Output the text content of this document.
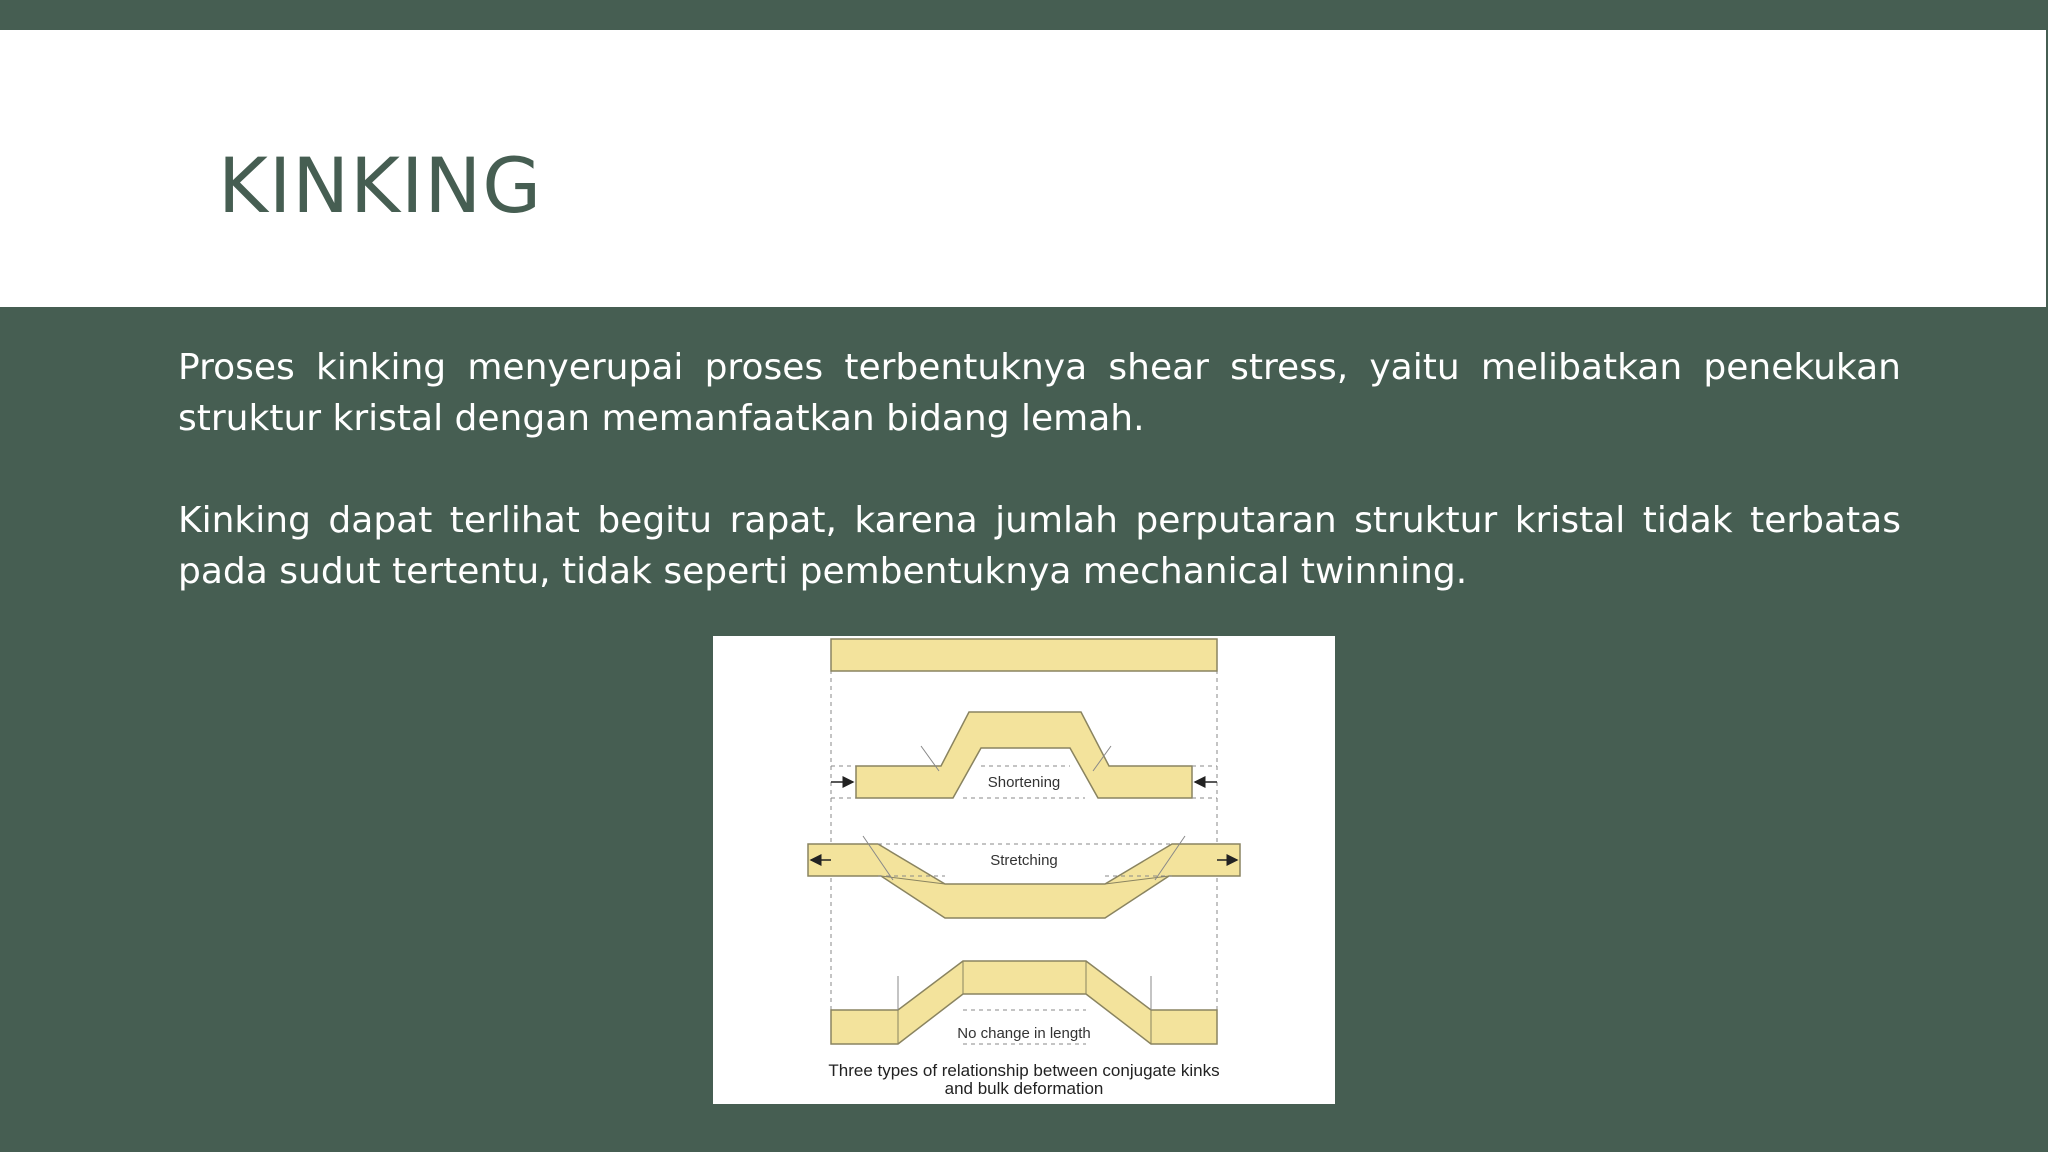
KINKING

Proses kinking menyerupai proses terbentuknya shear stress, yaitu melibatkan penekukan struktur kristal dengan memanfaatkan bidang lemah.

Kinking dapat terlihat begitu rapat, karena jumlah perputaran struktur kristal tidak terbatas pada sudut tertentu, tidak seperti pembentuknya mechanical twinning.

Shortening
Stretching
No change in length
Three types of relationship between conjugate kinks
and bulk deformation
